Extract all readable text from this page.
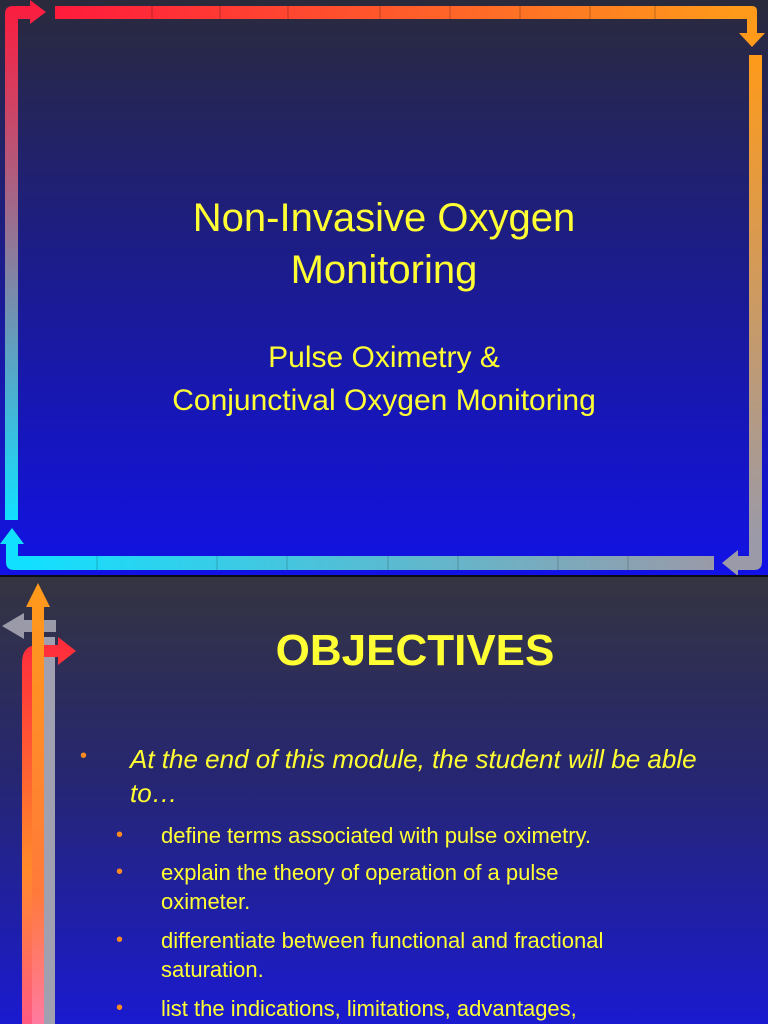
Non-Invasive Oxygen
Monitoring
Pulse Oximetry &
Conjunctival Oxygen Monitoring
OBJECTIVES
• At the end of this module, the student will be able to…
• define terms associated with pulse oximetry.
• explain the theory of operation of a pulse oximeter.
• differentiate between functional and fractional saturation.
• list the indications, limitations, advantages,
